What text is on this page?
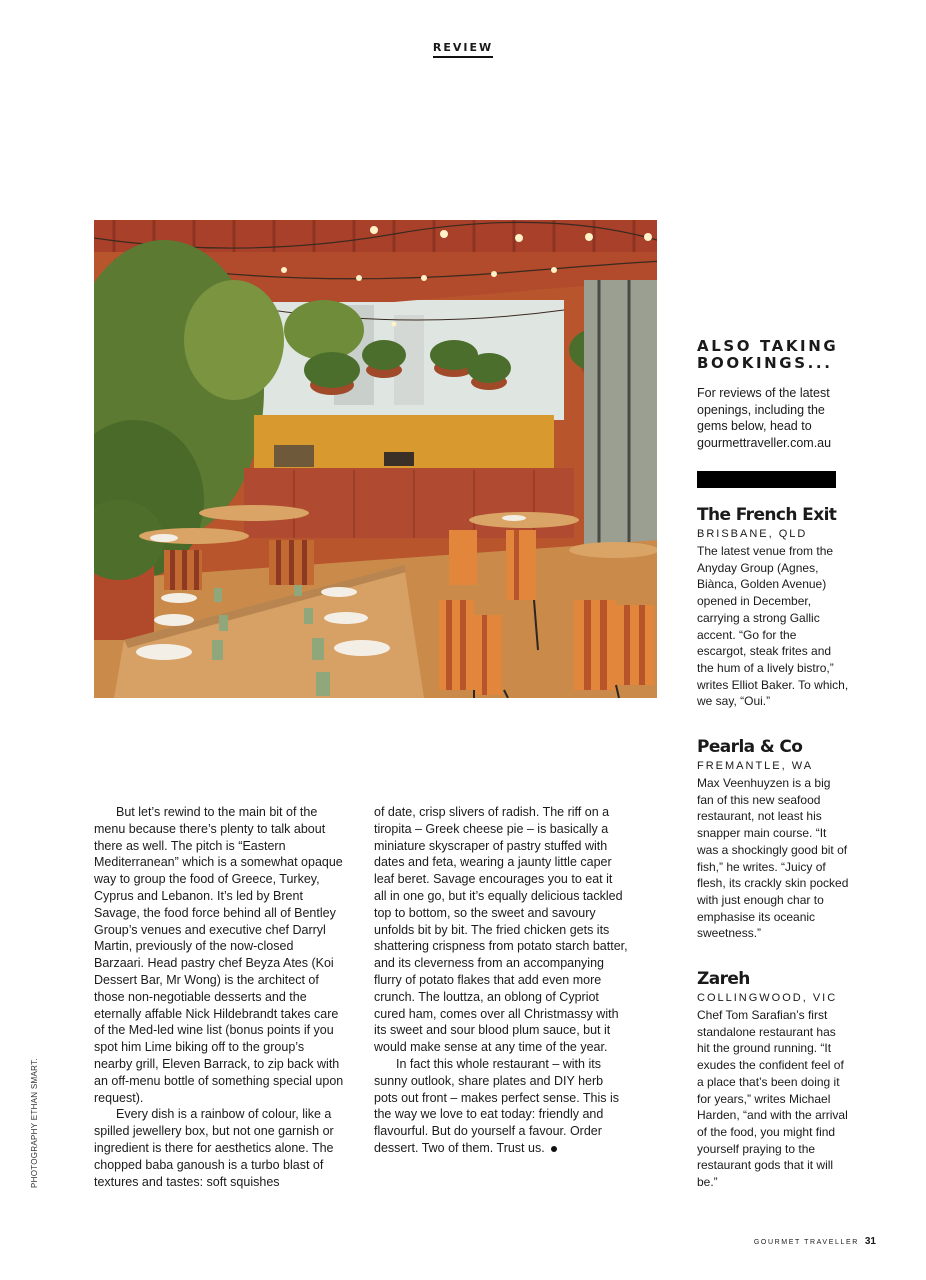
REVIEW
PHOTOGRAPHY ETHAN SMART.

But let’s rewind to the main bit of the menu because there’s plenty to talk about there as well. The pitch is “Eastern Mediterranean” which is a somewhat opaque way to group the food of Greece, Turkey, Cyprus and Lebanon. It’s led by Brent Savage, the food force behind all of Bentley Group’s venues and executive chef Darryl Martin, previously of the now-closed Barzaari. Head pastry chef Beyza Ates (Koi Dessert Bar, Mr Wong) is the architect of those non-negotiable desserts and the eternally affable Nick Hildebrandt takes care of the Med-led wine list (bonus points if you spot him Lime biking off to the group’s nearby grill, Eleven Barrack, to zip back with an off-menu bottle of something special upon request).

Every dish is a rainbow of colour, like a spilled jewellery box, but not one garnish or ingredient is there for aesthetics alone. The chopped baba ganoush is a turbo blast of textures and tastes: soft squishes

of date, crisp slivers of radish. The riff on a tiropita – Greek cheese pie – is basically a miniature skyscraper of pastry stuffed with dates and feta, wearing a jaunty little caper leaf beret. Savage encourages you to eat it all in one go, but it’s equally delicious tackled top to bottom, so the sweet and savoury unfolds bit by bit. The fried chicken gets its shattering crispness from potato starch batter, and its cleverness from an accompanying flurry of potato flakes that add even more crunch. The louttza, an oblong of Cypriot cured ham, comes over all Christmassy with its sweet and sour blood plum sauce, but it would make sense at any time of the year.

In fact this whole restaurant – with its sunny outlook, share plates and DIY herb pots out front – makes perfect sense. This is the way we love to eat today: friendly and flavourful. But do yourself a favour. Order dessert. Two of them. Trust us.

ALSO TAKING
BOOKINGS...
For reviews of the latest openings, including the gems below, head to gourmettraveller.com.au
The French Exit
BRISBANE, QLD
The latest venue from the Anyday Group (Agnes, Biànca, Golden Avenue) opened in December, carrying a strong Gallic accent. “Go for the escargot, steak frites and the hum of a lively bistro,” writes Elliot Baker. To which, we say, “Oui.”
Pearla & Co
FREMANTLE, WA
Max Veenhuyzen is a big fan of this new seafood restaurant, not least his snapper main course. “It was a shockingly good bit of fish,” he writes. “Juicy of flesh, its crackly skin pocked with just enough char to emphasise its oceanic sweetness.”
Zareh
COLLINGWOOD, VIC
Chef Tom Sarafian’s first standalone restaurant has hit the ground running. “It exudes the confident feel of a place that’s been doing it for years,” writes Michael Harden, “and with the arrival of the food, you might find yourself praying to the restaurant gods that it will be.”
GOURMET TRAVELLER 31
